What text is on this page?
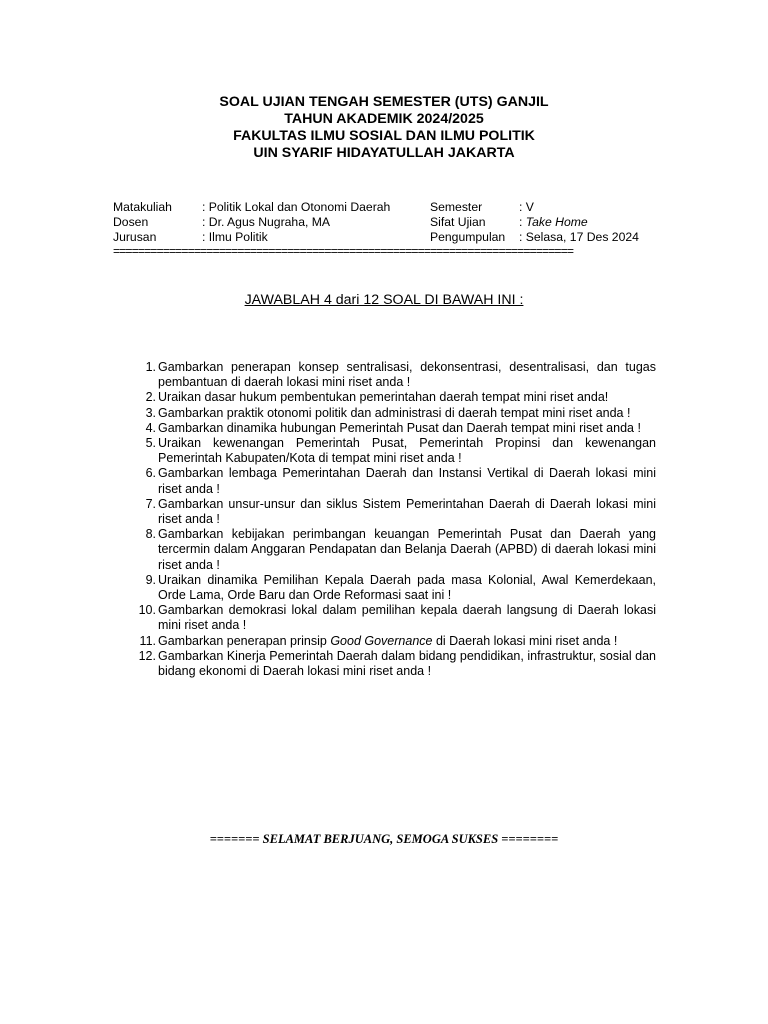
SOAL UJIAN TENGAH SEMESTER (UTS) GANJIL
TAHUN AKADEMIK 2024/2025
FAKULTAS ILMU SOSIAL DAN ILMU POLITIK
UIN SYARIF HIDAYATULLAH JAKARTA
Matakuliah : Politik Lokal dan Otonomi Daerah	Semester	: V
Dosen	: Dr. Agus Nugraha, MA	Sifat Ujian	: Take Home
Jurusan	: Ilmu Politik	Pengumpulan : Selasa, 17 Des 2024
==========================================================================
JAWABLAH 4 dari 12 SOAL DI BAWAH INI :
1. Gambarkan penerapan konsep sentralisasi, dekonsentrasi, desentralisasi, dan tugas pembantuan di daerah lokasi mini riset anda !
2. Uraikan dasar hukum pembentukan pemerintahan daerah tempat mini riset anda!
3. Gambarkan praktik otonomi politik dan administrasi di daerah tempat mini riset anda !
4. Gambarkan dinamika hubungan Pemerintah Pusat dan Daerah tempat mini riset anda !
5. Uraikan kewenangan Pemerintah Pusat, Pemerintah Propinsi dan kewenangan Pemerintah Kabupaten/Kota di tempat mini riset anda !
6. Gambarkan lembaga Pemerintahan Daerah dan Instansi Vertikal di Daerah lokasi mini riset anda !
7. Gambarkan unsur-unsur dan siklus Sistem Pemerintahan Daerah di Daerah lokasi mini riset anda !
8. Gambarkan kebijakan perimbangan keuangan Pemerintah Pusat dan Daerah yang tercermin dalam Anggaran Pendapatan dan Belanja Daerah (APBD) di daerah lokasi mini riset anda !
9. Uraikan dinamika Pemilihan Kepala Daerah pada masa Kolonial, Awal Kemerdekaan, Orde Lama, Orde Baru dan Orde Reformasi saat ini !
10. Gambarkan demokrasi lokal dalam pemilihan kepala daerah langsung di Daerah lokasi mini riset anda !
11. Gambarkan penerapan prinsip Good Governance di Daerah lokasi mini riset anda !
12. Gambarkan Kinerja Pemerintah Daerah dalam bidang pendidikan, infrastruktur, sosial dan bidang ekonomi di Daerah lokasi mini riset anda !
======= SELAMAT BERJUANG, SEMOGA SUKSES ========
